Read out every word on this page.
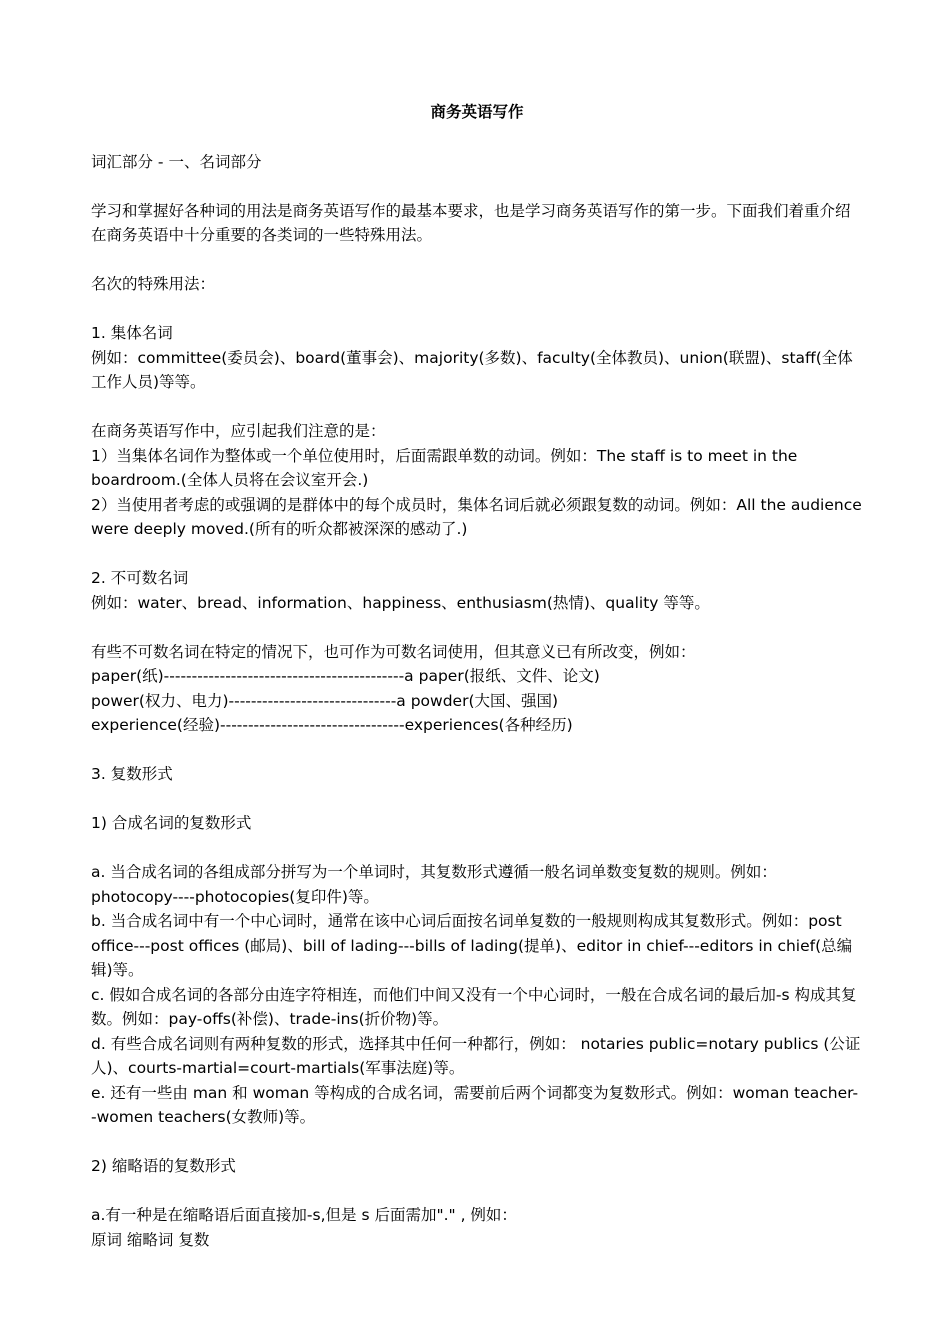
商务英语写作

词汇部分 - 一、名词部分

学习和掌握好各种词的用法是商务英语写作的最基本要求，也是学习商务英语写作的第一步。下面我们着重介绍在商务英语中十分重要的各类词的一些特殊用法。

名次的特殊用法：

1. 集体名词

例如：committee(委员会)、board(董事会)、majority(多数)、faculty(全体教员)、union(联盟)、staff(全体工作人员)等等。

在商务英语写作中，应引起我们注意的是：

1）当集体名词作为整体或一个单位使用时，后面需跟单数的动词。例如：The staff is to meet in the boardroom.(全体人员将在会议室开会.)

2）当使用者考虑的或强调的是群体中的每个成员时，集体名词后就必须跟复数的动词。例如：All the audience were deeply moved.(所有的听众都被深深的感动了.)

2. 不可数名词

例如：water、bread、information、happiness、enthusiasm(热情)、quality 等等。

有些不可数名词在特定的情况下，也可作为可数名词使用，但其意义已有所改变，例如：

paper(纸)-------------------------------------------a paper(报纸、文件、论文)
power(权力、电力)------------------------------a powder(大国、强国)
experience(经验)---------------------------------experiences(各种经历)

3. 复数形式

1) 合成名词的复数形式

a. 当合成名词的各组成部分拼写为一个单词时，其复数形式遵循一般名词单数变复数的规则。例如：photocopy----photocopies(复印件)等。

b. 当合成名词中有一个中心词时，通常在该中心词后面按名词单复数的一般规则构成其复数形式。例如：post office---post offices (邮局)、bill of lading---bills of lading(提单)、editor in chief---editors in chief(总编辑)等。

c. 假如合成名词的各部分由连字符相连，而他们中间又没有一个中心词时，一般在合成名词的最后加-s 构成其复数。例如：pay-offs(补偿)、trade-ins(折价物)等。

d. 有些合成名词则有两种复数的形式，选择其中任何一种都行，例如： notaries public=notary publics (公证人)、courts-martial=court-martials(军事法庭)等。

e. 还有一些由 man 和 woman 等构成的合成名词，需要前后两个词都变为复数形式。例如：woman teacher--women teachers(女教师)等。

2) 缩略语的复数形式

a.有一种是在缩略语后面直接加-s,但是 s 后面需加"." , 例如：

原词 缩略词 复数
